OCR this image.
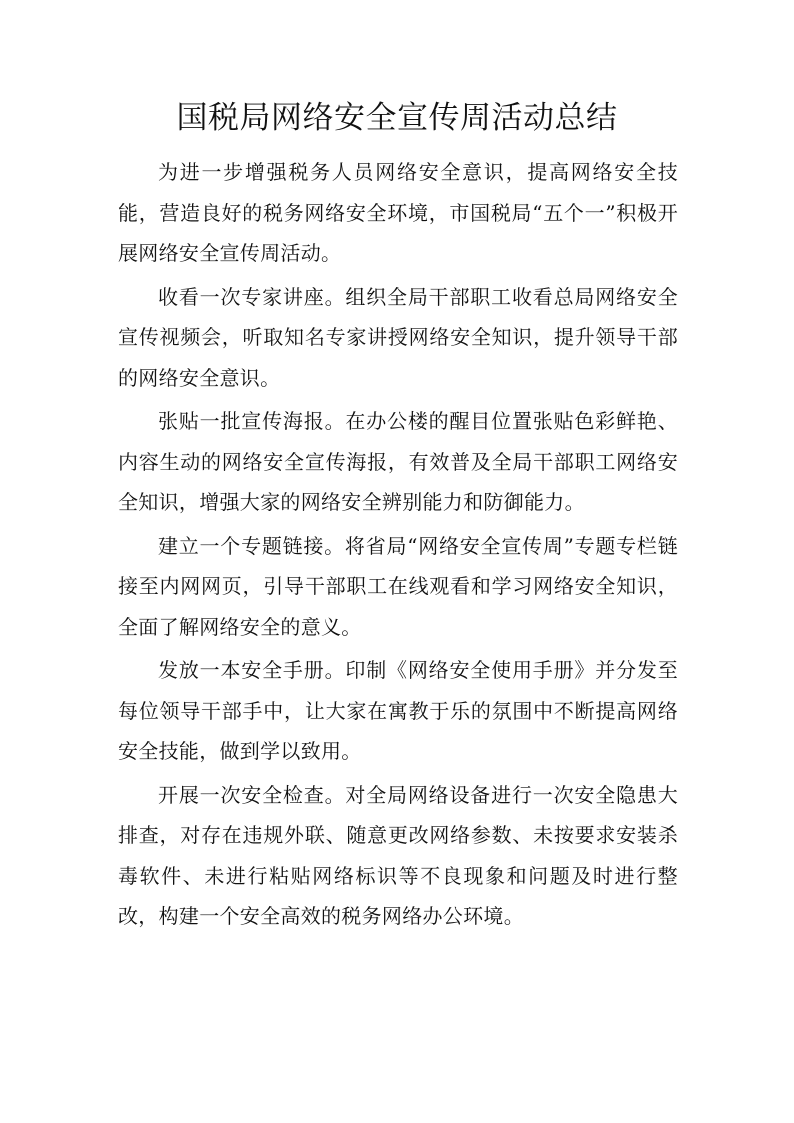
国税局网络安全宣传周活动总结

为进一步增强税务人员网络安全意识，提高网络安全技能，营造良好的税务网络安全环境，市国税局“五个一”积极开展网络安全宣传周活动。

收看一次专家讲座。组织全局干部职工收看总局网络安全宣传视频会，听取知名专家讲授网络安全知识，提升领导干部的网络安全意识。

张贴一批宣传海报。在办公楼的醒目位置张贴色彩鲜艳、内容生动的网络安全宣传海报，有效普及全局干部职工网络安全知识，增强大家的网络安全辨别能力和防御能力。

建立一个专题链接。将省局“网络安全宣传周”专题专栏链接至内网网页，引导干部职工在线观看和学习网络安全知识，全面了解网络安全的意义。

发放一本安全手册。印制《网络安全使用手册》并分发至每位领导干部手中，让大家在寓教于乐的氛围中不断提高网络安全技能，做到学以致用。

开展一次安全检查。对全局网络设备进行一次安全隐患大排查，对存在违规外联、随意更改网络参数、未按要求安装杀毒软件、未进行粘贴网络标识等不良现象和问题及时进行整改，构建一个安全高效的税务网络办公环境。
